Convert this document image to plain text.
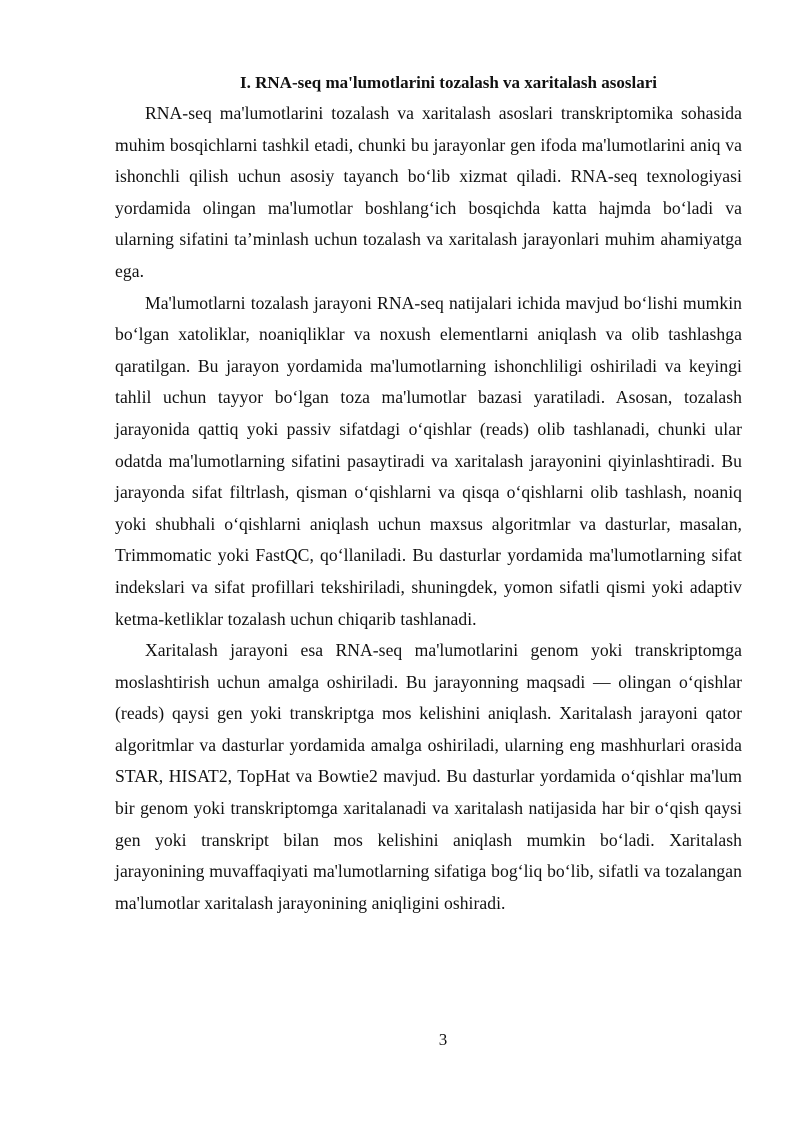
I. RNA-seq ma'lumotlarini tozalash va xaritalash asoslari

RNA-seq ma'lumotlarini tozalash va xaritalash asoslari transkriptomika sohasida muhim bosqichlarni tashkil etadi, chunki bu jarayonlar gen ifoda ma'lumotlarini aniq va ishonchli qilish uchun asosiy tayanch bo‘lib xizmat qiladi. RNA-seq texnologiyasi yordamida olingan ma'lumotlar boshlang‘ich bosqichda katta hajmda bo‘ladi va ularning sifatini ta’minlash uchun tozalash va xaritalash jarayonlari muhim ahamiyatga ega.

Ma'lumotlarni tozalash jarayoni RNA-seq natijalari ichida mavjud bo‘lishi mumkin bo‘lgan xatoliklar, noaniqliklar va noxush elementlarni aniqlash va olib tashlashga qaratilgan. Bu jarayon yordamida ma'lumotlarning ishonchliligi oshiriladi va keyingi tahlil uchun tayyor bo‘lgan toza ma'lumotlar bazasi yaratiladi. Asosan, tozalash jarayonida qattiq yoki passiv sifatdagi o‘qishlar (reads) olib tashlanadi, chunki ular odatda ma'lumotlarning sifatini pasaytiradi va xaritalash jarayonini qiyinlashtiradi. Bu jarayonda sifat filtrlash, qisman o‘qishlarni va qisqa o‘qishlarni olib tashlash, noaniq yoki shubhali o‘qishlarni aniqlash uchun maxsus algoritmlar va dasturlar, masalan, Trimmomatic yoki FastQC, qo‘llaniladi. Bu dasturlar yordamida ma'lumotlarning sifat indekslari va sifat profillari tekshiriladi, shuningdek, yomon sifatli qismi yoki adaptiv ketma-ketliklar tozalash uchun chiqarib tashlanadi.

Xaritalash jarayoni esa RNA-seq ma'lumotlarini genom yoki transkriptomga moslashtirish uchun amalga oshiriladi. Bu jarayonning maqsadi — olingan o‘qishlar (reads) qaysi gen yoki transkriptga mos kelishini aniqlash. Xaritalash jarayoni qator algoritmlar va dasturlar yordamida amalga oshiriladi, ularning eng mashhurlari orasida STAR, HISAT2, TopHat va Bowtie2 mavjud. Bu dasturlar yordamida o‘qishlar ma'lum bir genom yoki transkriptomga xaritalanadi va xaritalash natijasida har bir o‘qish qaysi gen yoki transkript bilan mos kelishini aniqlash mumkin bo‘ladi. Xaritalash jarayonining muvaffaqiyati ma'lumotlarning sifatiga bog‘liq bo‘lib, sifatli va tozalangan ma'lumotlar xaritalash jarayonining aniqligini oshiradi.

3
